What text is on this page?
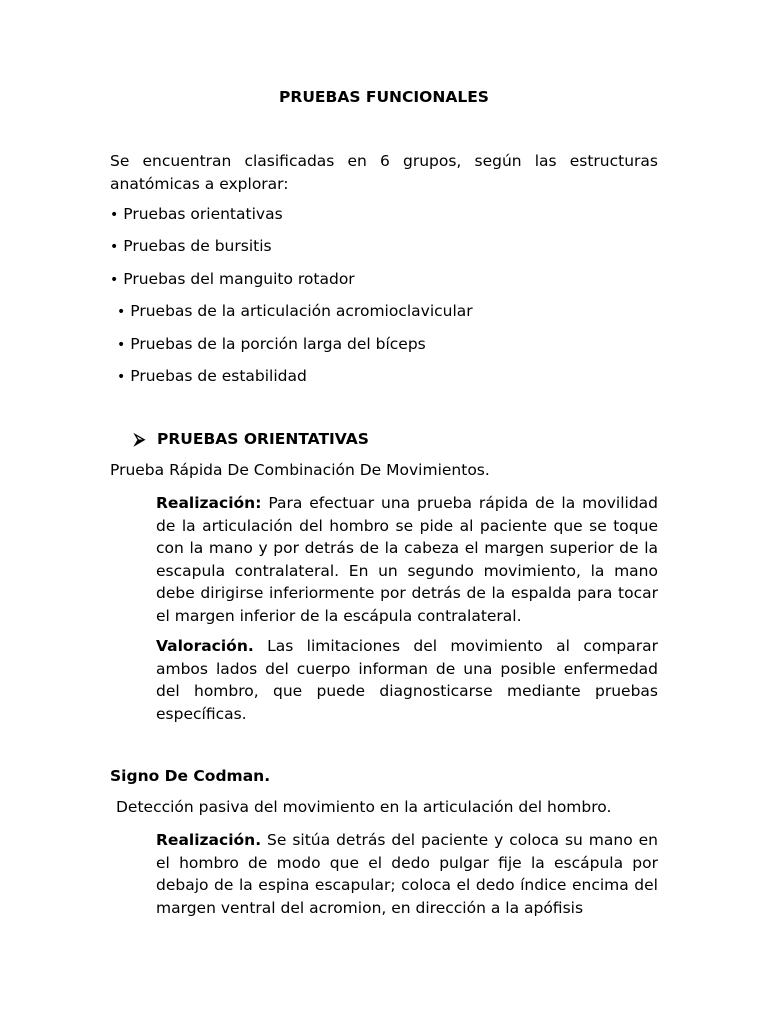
PRUEBAS FUNCIONALES
Se encuentran clasificadas en 6 grupos, según las estructuras anatómicas a explorar:
• Pruebas orientativas
• Pruebas de bursitis
• Pruebas del manguito rotador
• Pruebas de la articulación acromioclavicular
• Pruebas de la porción larga del bíceps
• Pruebas de estabilidad
⮚ PRUEBAS ORIENTATIVAS
Prueba Rápida De Combinación De Movimientos.
Realización: Para efectuar una prueba rápida de la movilidad de la articulación del hombro se pide al paciente que se toque con la mano y por detrás de la cabeza el margen superior de la escapula contralateral. En un segundo movimiento, la mano debe dirigirse inferiormente por detrás de la espalda para tocar el margen inferior de la escápula contralateral.
Valoración. Las limitaciones del movimiento al comparar ambos lados del cuerpo informan de una posible enfermedad del hombro, que puede diagnosticarse mediante pruebas específicas.
Signo De Codman.
Detección pasiva del movimiento en la articulación del hombro.
Realización. Se sitúa detrás del paciente y coloca su mano en el hombro de modo que el dedo pulgar fije la escápula por debajo de la espina escapular; coloca el dedo índice encima del margen ventral del acromion, en dirección a la apófisis
